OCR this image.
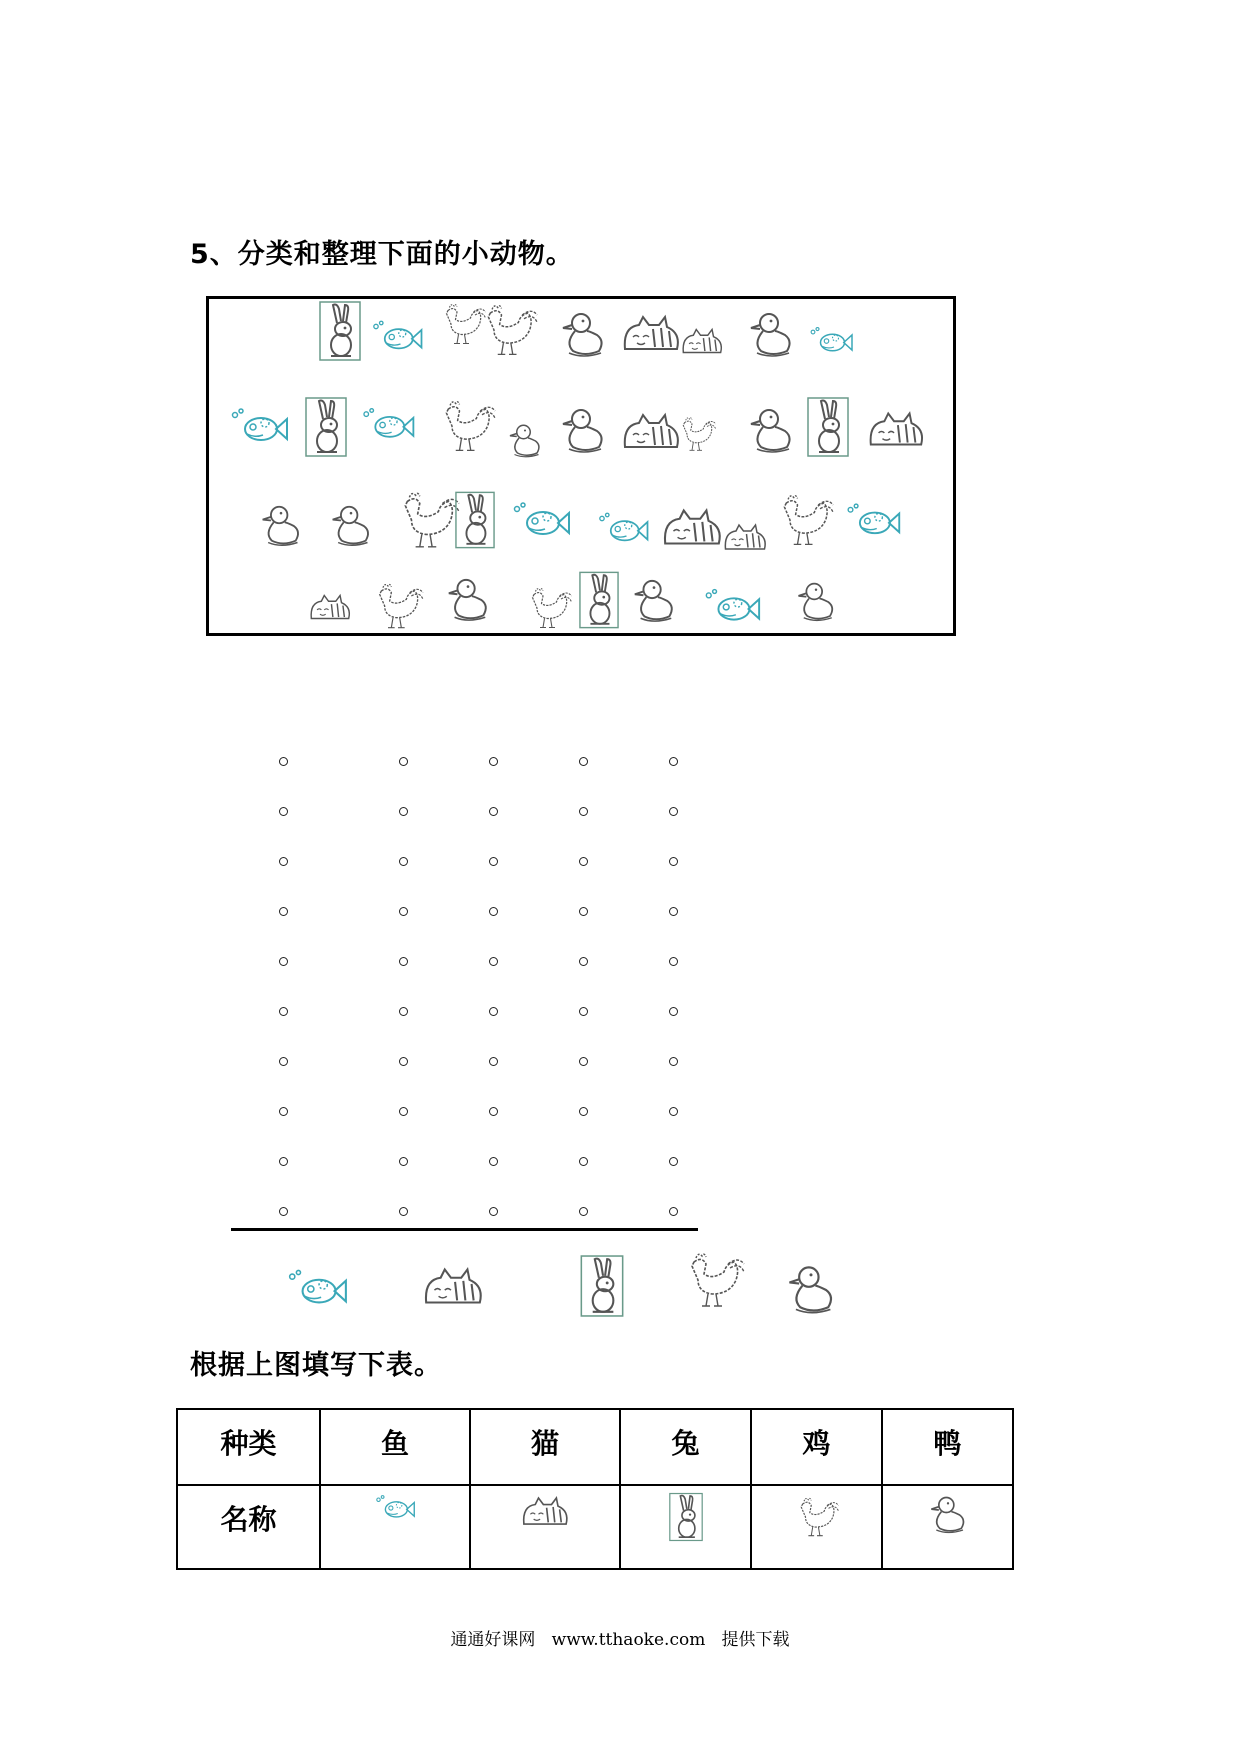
5、分类和整理下面的小动物。
根据上图填写下表。
种类	鱼	猫	兔	鸡	鸭

名称

通通好课网 www.tthaoke.com 提供下载
